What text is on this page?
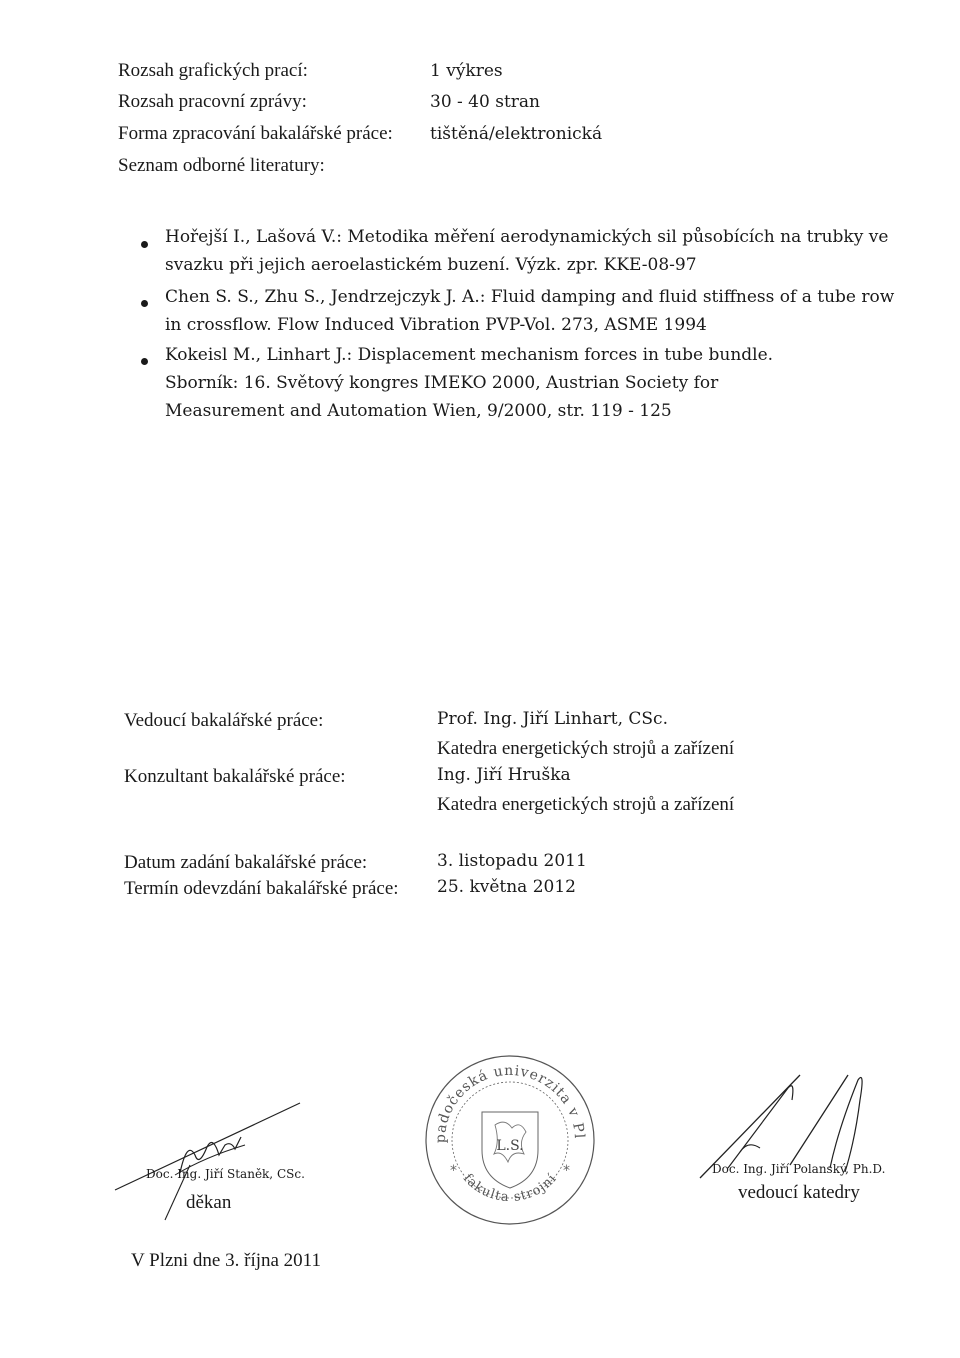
Rozsah grafických prací:	1 výkres
Rozsah pracovní zprávy:	30 - 40 stran
Forma zpracování bakalářské práce: tištěná/elektronická
Seznam odborné literatury:
Hořejší I., Lašová V.: Metodika měření aerodynamických sil působících na trubky ve svazku při jejich aeroelastickém buzení. Výzk. zpr. KKE-08-97
Chen S. S., Zhu S., Jendrzejczyk J. A.: Fluid damping and fluid stiffness of a tube row in crossflow. Flow Induced Vibration PVP-Vol. 273, ASME 1994
Kokeisl M., Linhart J.: Displacement mechanism forces in tube bundle. Sborník: 16. Světový kongres IMEKO 2000, Austrian Society for Measurement and Automation Wien, 9/2000, str. 119 - 125
Vedoucí bakalářské práce:	Prof. Ing. Jiří Linhart, CSc.
Katedra energetických strojů a zařízení
Konzultant bakalářské práce:	Ing. Jiří Hruška
Katedra energetických strojů a zařízení
Datum zadání bakalářské práce:	3. listopadu 2011
Termín odevzdání bakalářské práce: 25. května 2012
Západočeská univerzita v Plzni
fakulta strojní
L.S.
*	*
Doc. Ing. Jiří Staněk, CSc.
děkan
Doc. Ing. Jiří Polanský, Ph.D.
vedoucí katedry
V Plzni dne 3. října 2011
